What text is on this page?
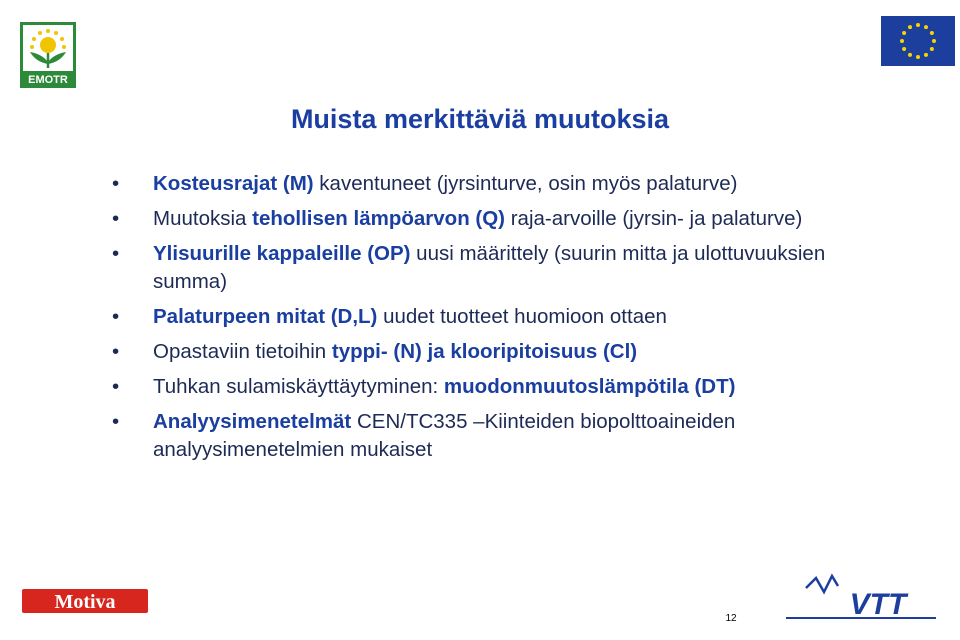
EMOTR
Muista merkittäviä muutoksia
• Kosteusrajat (M) kaventuneet (jyrsinturve, osin myös palaturve)
• Muutoksia tehollisen lämpöarvon (Q) raja-arvoille (jyrsin- ja palaturve)
• Ylisuurille kappaleille (OP) uusi määrittely (suurin mitta ja ulottuvuuksien summa)
• Palaturpeen mitat (D,L) uudet tuotteet huomioon ottaen
• Opastaviin tietoihin typpi- (N) ja klooripitoisuus (Cl)
• Tuhkan sulamiskäyttäytyminen: muodonmuutoslämpötila (DT)
• Analyysimenetelmät CEN/TC335 –Kiinteiden biopolttoaineiden analyysimenetelmien mukaiset
Motiva	VTT
12
